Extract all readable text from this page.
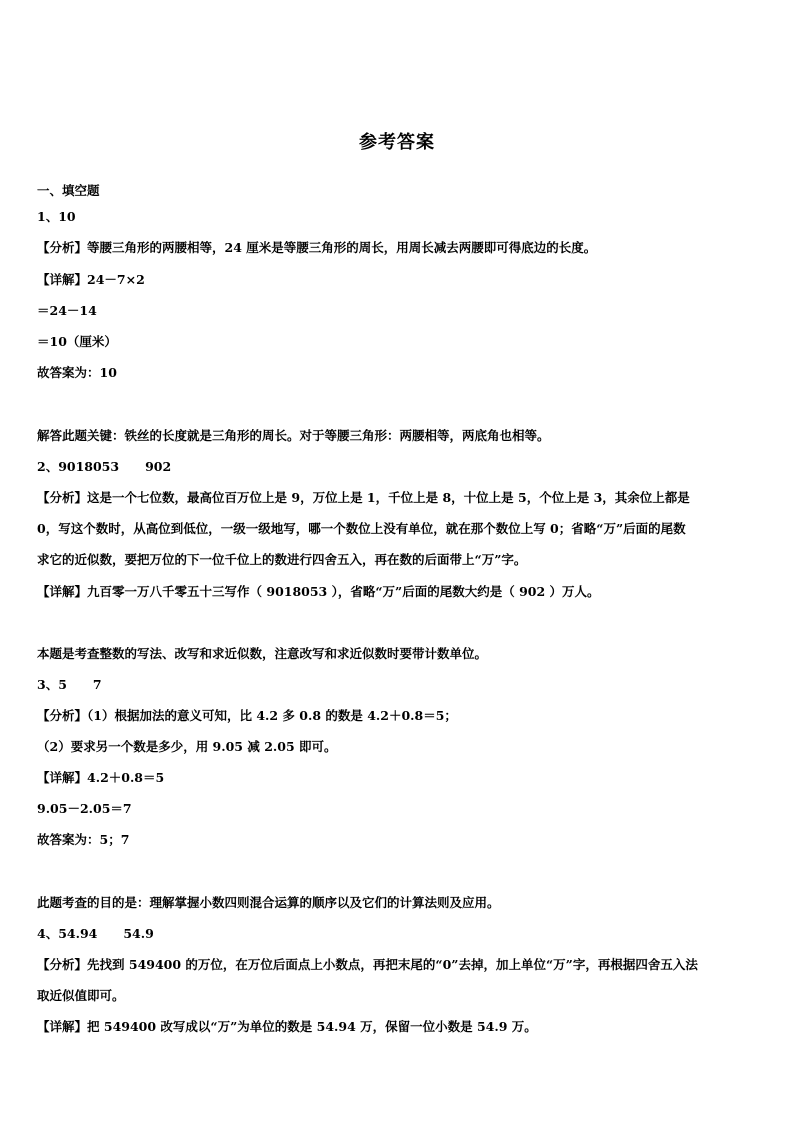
参考答案
一、填空题
1、10
【分析】等腰三角形的两腰相等，24 厘米是等腰三角形的周长，用周长减去两腰即可得底边的长度。
【详解】24－7×2
＝24－14
＝10（厘米）
故答案为：10
解答此题关键：铁丝的长度就是三角形的周长。对于等腰三角形：两腰相等，两底角也相等。
2、9018053 902
【分析】这是一个七位数，最高位百万位上是 9，万位上是 1，千位上是 8，十位上是 5，个位上是 3，其余位上都是
0，写这个数时，从高位到低位，一级一级地写，哪一个数位上没有单位，就在那个数位上写 0；省略“万”后面的尾数
求它的近似数，要把万位的下一位千位上的数进行四舍五入，再在数的后面带上“万”字。
【详解】九百零一万八千零五十三写作（ 9018053 ），省略“万”后面的尾数大约是（ 902 ）万人。
本题是考查整数的写法、改写和求近似数，注意改写和求近似数时要带计数单位。
3、5 7
【分析】（1）根据加法的意义可知，比 4.2 多 0.8 的数是 4.2＋0.8＝5；
（2）要求另一个数是多少，用 9.05 减 2.05 即可。
【详解】4.2＋0.8＝5
9.05－2.05＝7
故答案为：5；7
此题考查的目的是：理解掌握小数四则混合运算的顺序以及它们的计算法则及应用。
4、54.94 54.9
【分析】先找到 549400 的万位，在万位后面点上小数点，再把末尾的“0”去掉，加上单位“万”字，再根据四舍五入法
取近似值即可。
【详解】把 549400 改写成以“万”为单位的数是 54.94 万，保留一位小数是 54.9 万。
